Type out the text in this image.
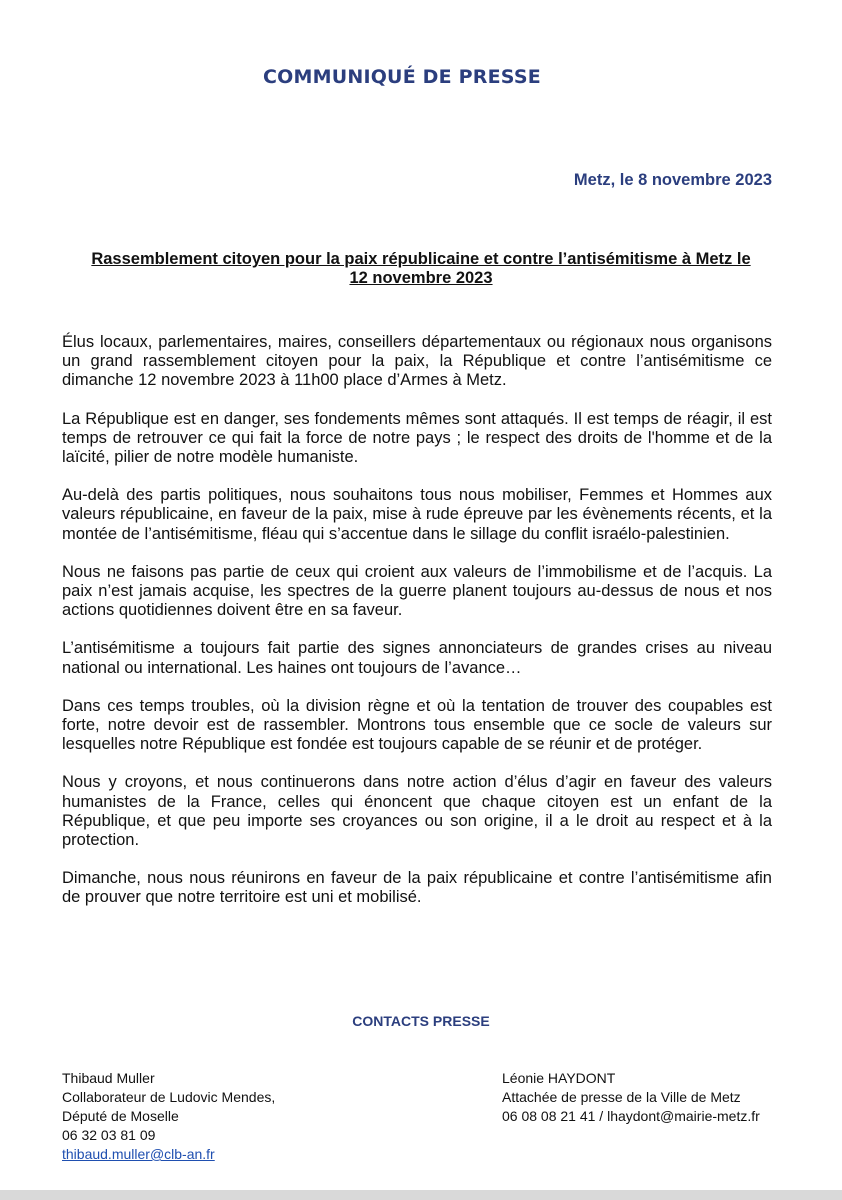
COMMUNIQUÉ DE PRESSE
Metz, le 8 novembre 2023
Rassemblement citoyen pour la paix républicaine et contre l’antisémitisme à Metz le
12 novembre 2023

Élus locaux, parlementaires, maires, conseillers départementaux ou régionaux nous organisons un grand rassemblement citoyen pour la paix, la République et contre l’antisémitisme ce dimanche 12 novembre 2023 à 11h00 place d’Armes à Metz.

La République est en danger, ses fondements mêmes sont attaqués. Il est temps de réagir, il est temps de retrouver ce qui fait la force de notre pays ; le respect des droits de l'homme et de la laïcité, pilier de notre modèle humaniste.

Au-delà des partis politiques, nous souhaitons tous nous mobiliser, Femmes et Hommes aux valeurs républicaine, en faveur de la paix, mise à rude épreuve par les évènements récents, et la montée de l’antisémitisme, fléau qui s’accentue dans le sillage du conflit israélo-palestinien.

Nous ne faisons pas partie de ceux qui croient aux valeurs de l’immobilisme et de l’acquis. La paix n’est jamais acquise, les spectres de la guerre planent toujours au-dessus de nous et nos actions quotidiennes doivent être en sa faveur.

L’antisémitisme a toujours fait partie des signes annonciateurs de grandes crises au niveau national ou international. Les haines ont toujours de l’avance…

Dans ces temps troubles, où la division règne et où la tentation de trouver des coupables est forte, notre devoir est de rassembler. Montrons tous ensemble que ce socle de valeurs sur lesquelles notre République est fondée est toujours capable de se réunir et de protéger.

Nous y croyons, et nous continuerons dans notre action d’élus d’agir en faveur des valeurs humanistes de la France, celles qui énoncent que chaque citoyen est un enfant de la République, et que peu importe ses croyances ou son origine, il a le droit au respect et à la protection.

Dimanche, nous nous réunirons en faveur de la paix républicaine et contre l’antisémitisme afin de prouver que notre territoire est uni et mobilisé.

CONTACTS PRESSE
Thibaud Muller
Collaborateur de Ludovic Mendes,
Député de Moselle
06 32 03 81 09
thibaud.muller@clb-an.fr
Léonie HAYDONT
Attachée de presse de la Ville de Metz
06 08 08 21 41 / lhaydont@mairie-metz.fr
